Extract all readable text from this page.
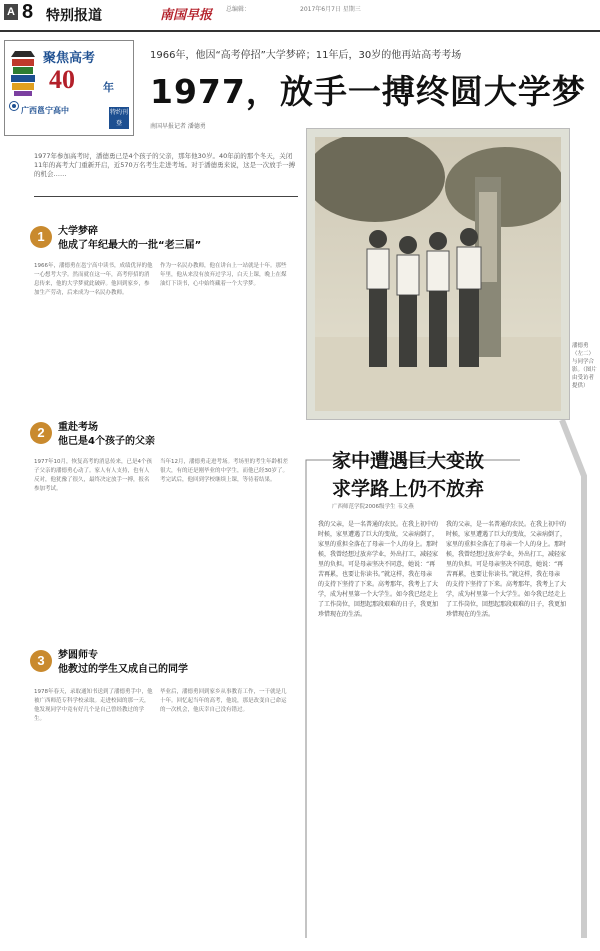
A 8 特别报道	南国早报 总编辑：	2017年6月7日 星期三
聚焦高考
40	年
广西邕宁高中	特约刊登
1966年，他因“高考停招”大学梦碎；11年后，30岁的他再站高考考场
1977，放手一搏终圆大学梦
南国早报记者 潘德勇
1977年参加高考时，潘德勇已是4个孩子的父亲，那年他30岁。40年前的那个冬天，关闭11年的高考大门重新开启，近570万名考生走进考场。对于潘德勇来说，这是一次放手一搏的机会……
1	大学梦碎
他成了年纪最大的一批“老三届”
1966年，潘德勇在邕宁高中读书，成绩优异的他一心想考大学。然而就在这一年，高考停招的消息传来，他的大学梦就此破碎。他回到家乡，参加生产劳动，后来成为一名民办教师。
作为一名民办教师，他在讲台上一站就是十年。那些年里，他从来没有放弃过学习，白天上课，晚上在煤油灯下读书，心中始终藏着一个大学梦。
2	重赴考场
他已是4个孩子的父亲
1977年10月，恢复高考的消息传来，已是4个孩子父亲的潘德勇心动了。家人有人支持，也有人反对，他犹豫了很久，最终决定放手一搏，报名参加考试。
当年12月，潘德勇走进考场。考场里的考生年龄相差很大，有的还是刚毕业的中学生，而他已经30岁了。考完试后，他回到学校继续上课，等待着结果。
3	梦圆师专
他教过的学生又成自己的同学
1978年春天，录取通知书送到了潘德勇手中，他被广西师范专科学校录取。走进校园的那一天，他发现同学中竟有好几个是自己曾经教过的学生。
毕业后，潘德勇回到家乡从事教育工作，一干就是几十年。回忆起当年的高考，他说，那是改变自己命运的一次机会，他庆幸自己没有错过。
潘德勇（左二）与同学合影。（图片由受访者提供）
家中遭遇巨大变故
求学路上仍不放弃
广西师范学院2006级学生 韦文燕
我的父亲，是一名普通的农民。在我上初中的时候，家里遭遇了巨大的变故，父亲病倒了，家里的重担全落在了母亲一个人的身上。那时候，我曾经想过放弃学业，外出打工，减轻家里的负担。可是母亲坚决不同意，她说：“再苦再累，也要让你读书。”就这样，我在母亲的支持下坚持了下来。高考那年，我考上了大学，成为村里第一个大学生。如今我已经走上了工作岗位，回想起那段艰难的日子，我更加珍惜现在的生活。
我的父亲，是一名普通的农民。在我上初中的时候，家里遭遇了巨大的变故，父亲病倒了，家里的重担全落在了母亲一个人的身上。那时候，我曾经想过放弃学业，外出打工，减轻家里的负担。可是母亲坚决不同意，她说：“再苦再累，也要让你读书。”就这样，我在母亲的支持下坚持了下来。高考那年，我考上了大学，成为村里第一个大学生。如今我已经走上了工作岗位，回想起那段艰难的日子，我更加珍惜现在的生活。
